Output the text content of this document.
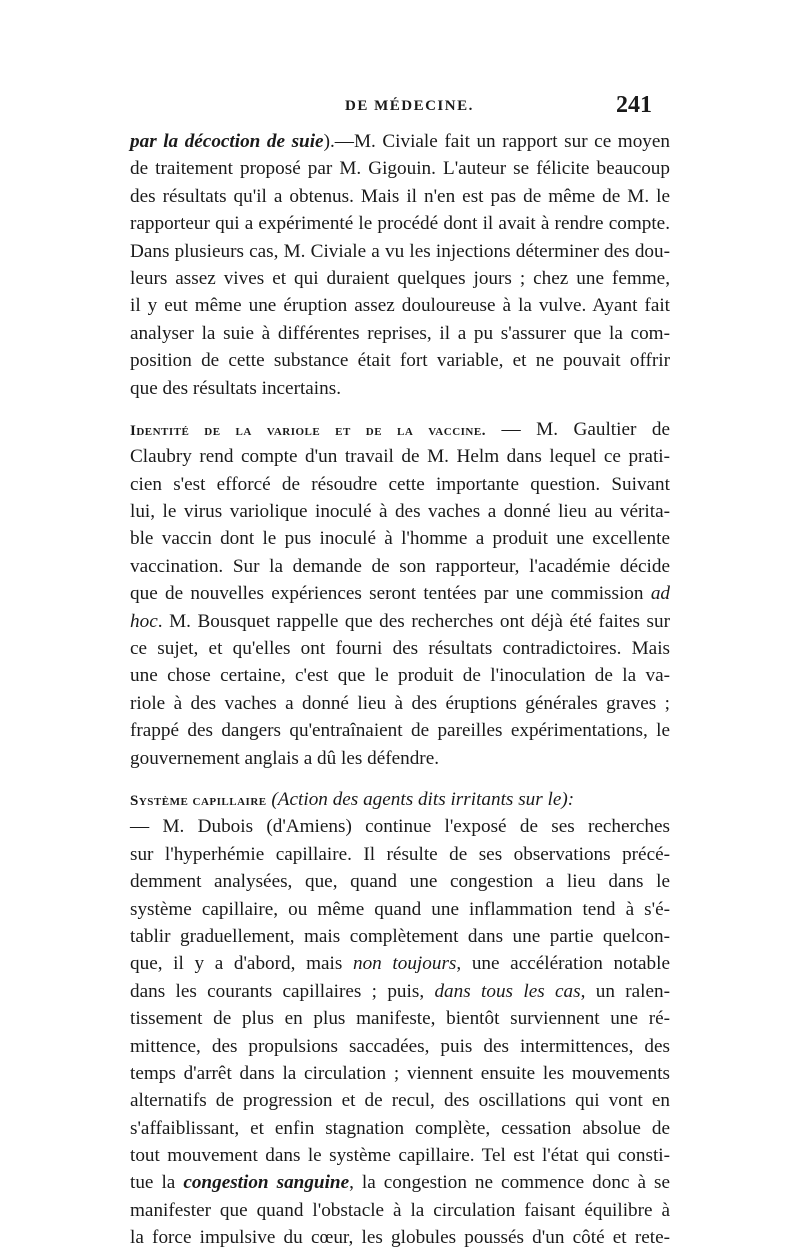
DE MÉDECINE.	241
par la décoction de suie).—M. Civiale fait un rapport sur ce moyen
de traitement proposé par M. Gigouin. L'auteur se félicite beaucoup
des résultats qu'il a obtenus. Mais il n'en est pas de même de M. le
rapporteur qui a expérimenté le procédé dont il avait à rendre compte.
Dans plusieurs cas, M. Civiale a vu les injections déterminer des dou-
leurs assez vives et qui duraient quelques jours ; chez une femme,
il y eut même une éruption assez douloureuse à la vulve. Ayant fait
analyser la suie à différentes reprises, il a pu s'assurer que la com-
position de cette substance était fort variable, et ne pouvait offrir
que des résultats incertains.
Identité de la variole et de la vaccine. — M. Gaultier de
Claubry rend compte d'un travail de M. Helm dans lequel ce prati-
cien s'est efforcé de résoudre cette importante question. Suivant
lui, le virus variolique inoculé à des vaches a donné lieu au vérita-
ble vaccin dont le pus inoculé à l'homme a produit une excellente
vaccination. Sur la demande de son rapporteur, l'académie décide
que de nouvelles expériences seront tentées par une commission ad
hoc. M. Bousquet rappelle que des recherches ont déjà été faites sur
ce sujet, et qu'elles ont fourni des résultats contradictoires. Mais
une chose certaine, c'est que le produit de l'inoculation de la va-
riole à des vaches a donné lieu à des éruptions générales graves ;
frappé des dangers qu'entraînaient de pareilles expérimentations, le
gouvernement anglais a dû les défendre.
Système capillaire (Action des agents dits irritants sur le):
— M. Dubois (d'Amiens) continue l'exposé de ses recherches
sur l'hyperhémie capillaire. Il résulte de ses observations précé-
demment analysées, que, quand une congestion a lieu dans le
système capillaire, ou même quand une inflammation tend à s'é-
tablir graduellement, mais complètement dans une partie quelcon-
que, il y a d'abord, mais non toujours, une accélération notable
dans les courants capillaires ; puis, dans tous les cas, un ralen-
tissement de plus en plus manifeste, bientôt surviennent une ré-
mittence, des propulsions saccadées, puis des intermittences, des
temps d'arrêt dans la circulation ; viennent ensuite les mouvements
alternatifs de progression et de recul, des oscillations qui vont en
s'affaiblissant, et enfin stagnation complète, cessation absolue de
tout mouvement dans le système capillaire. Tel est l'état qui consti-
tue la congestion sanguine, la congestion ne commence donc à se
manifester que quand l'obstacle à la circulation faisant équilibre à
la force impulsive du cœur, les globules poussés d'un côté et rete-
